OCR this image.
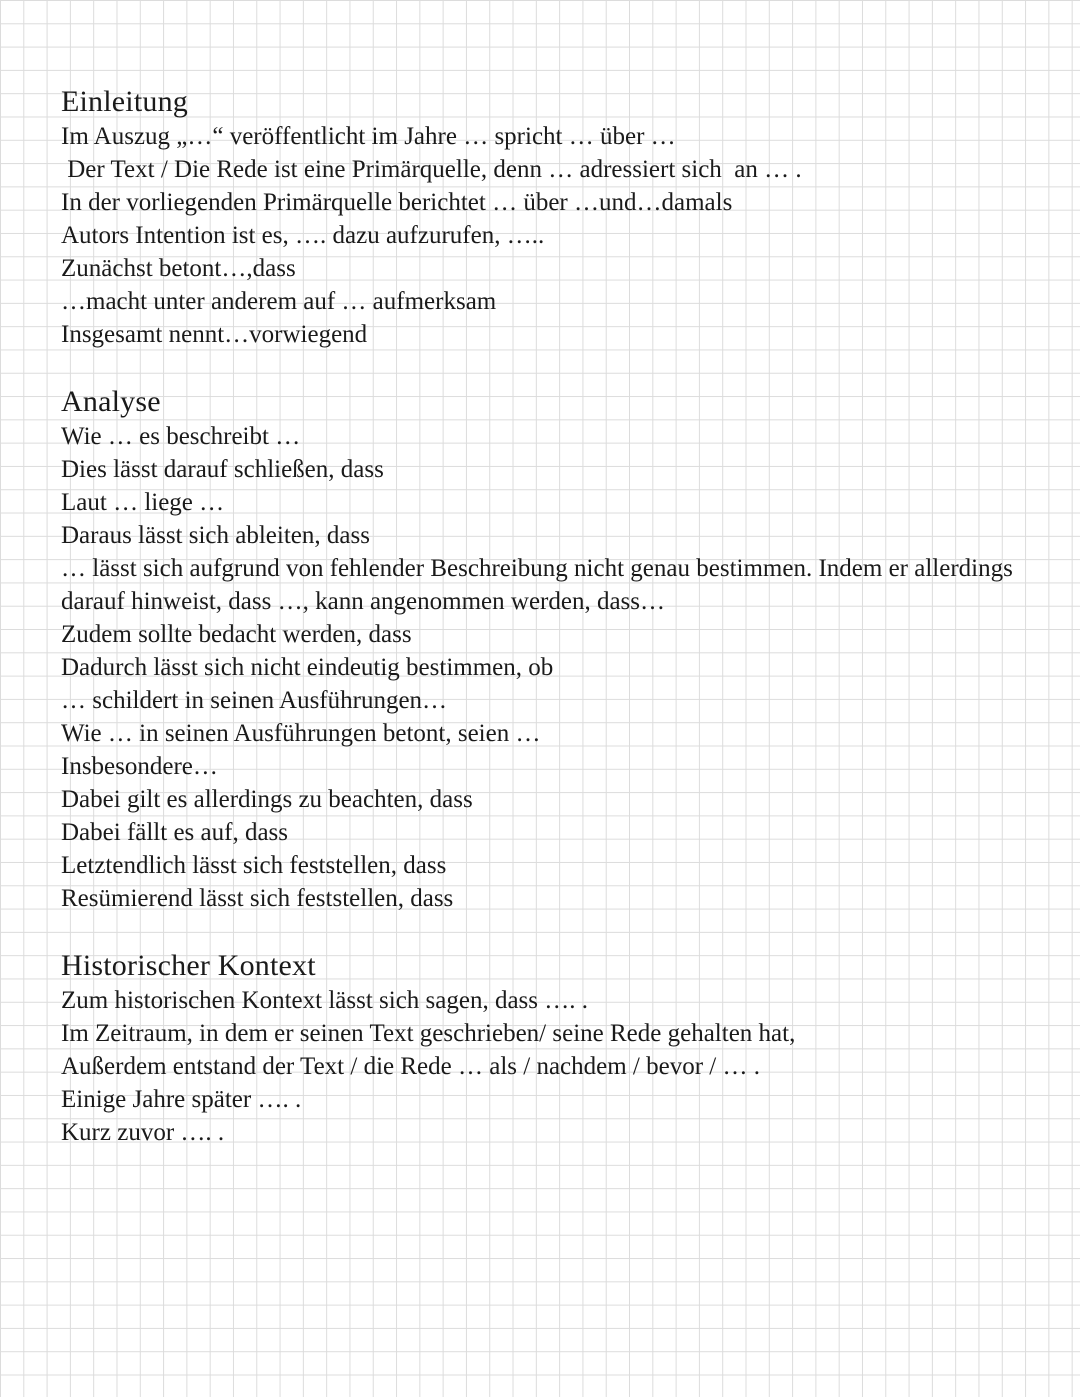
Einleitung

Im Auszug „…“ veröffentlicht im Jahre … spricht … über …

Der Text / Die Rede ist eine Primärquelle, denn … adressiert sich  an … .

In der vorliegenden Primärquelle berichtet … über …und…damals

Autors Intention ist es, …. dazu aufzurufen, …..

Zunächst betont…,dass

…macht unter anderem auf … aufmerksam

Insgesamt nennt…vorwiegend

Analyse

Wie … es beschreibt …

Dies lässt darauf schließen, dass

Laut … liege …

Daraus lässt sich ableiten, dass

… lässt sich aufgrund von fehlender Beschreibung nicht genau bestimmen. Indem er allerdings darauf hinweist, dass …, kann angenommen werden, dass…

Zudem sollte bedacht werden, dass

Dadurch lässt sich nicht eindeutig bestimmen, ob

… schildert in seinen Ausführungen…

Wie … in seinen Ausführungen betont, seien …

Insbesondere…

Dabei gilt es allerdings zu beachten, dass

Dabei fällt es auf, dass

Letztendlich lässt sich feststellen, dass

Resümierend lässt sich feststellen, dass

Historischer Kontext

Zum historischen Kontext lässt sich sagen, dass …. .

Im Zeitraum, in dem er seinen Text geschrieben/ seine Rede gehalten hat,

Außerdem entstand der Text / die Rede … als / nachdem / bevor / … .

Einige Jahre später …. .

Kurz zuvor …. .
